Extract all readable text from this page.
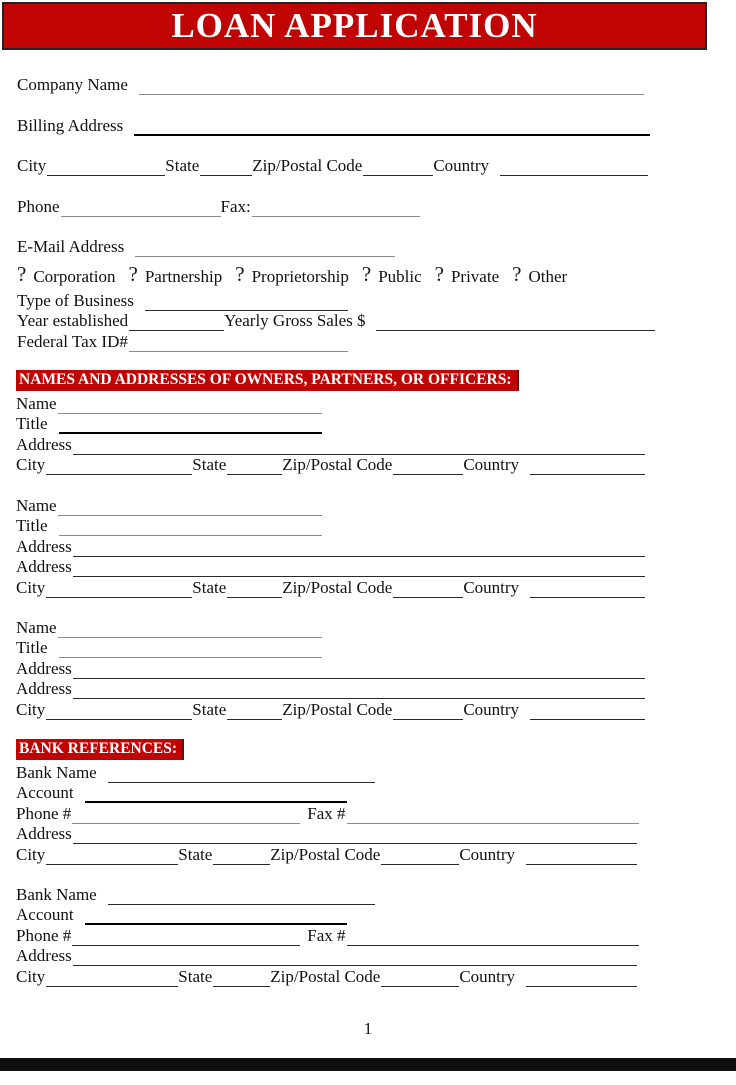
LOAN APPLICATION
Company Name
Billing Address
City	State	Zip/Postal Code	Country
Phone	Fax:
E-Mail Address
? Corporation ? Partnership ? Proprietorship ? Public ? Private ? Other
Type of Business
Year established	Yearly Gross Sales $
Federal Tax ID#
NAMES AND ADDRESSES OF OWNERS, PARTNERS, OR OFFICERS:
Name
Title
Address
City	State	Zip/Postal Code	Country
Name
Title
Address
Address
City	State	Zip/Postal Code	Country
Name
Title
Address
Address
City	State	Zip/Postal Code	Country
BANK REFERENCES:
Bank Name
Account
Phone #	Fax #
Address
City	State	Zip/Postal Code	Country
Bank Name
Account
Phone #	Fax #
Address
City	State	Zip/Postal Code	Country
1
